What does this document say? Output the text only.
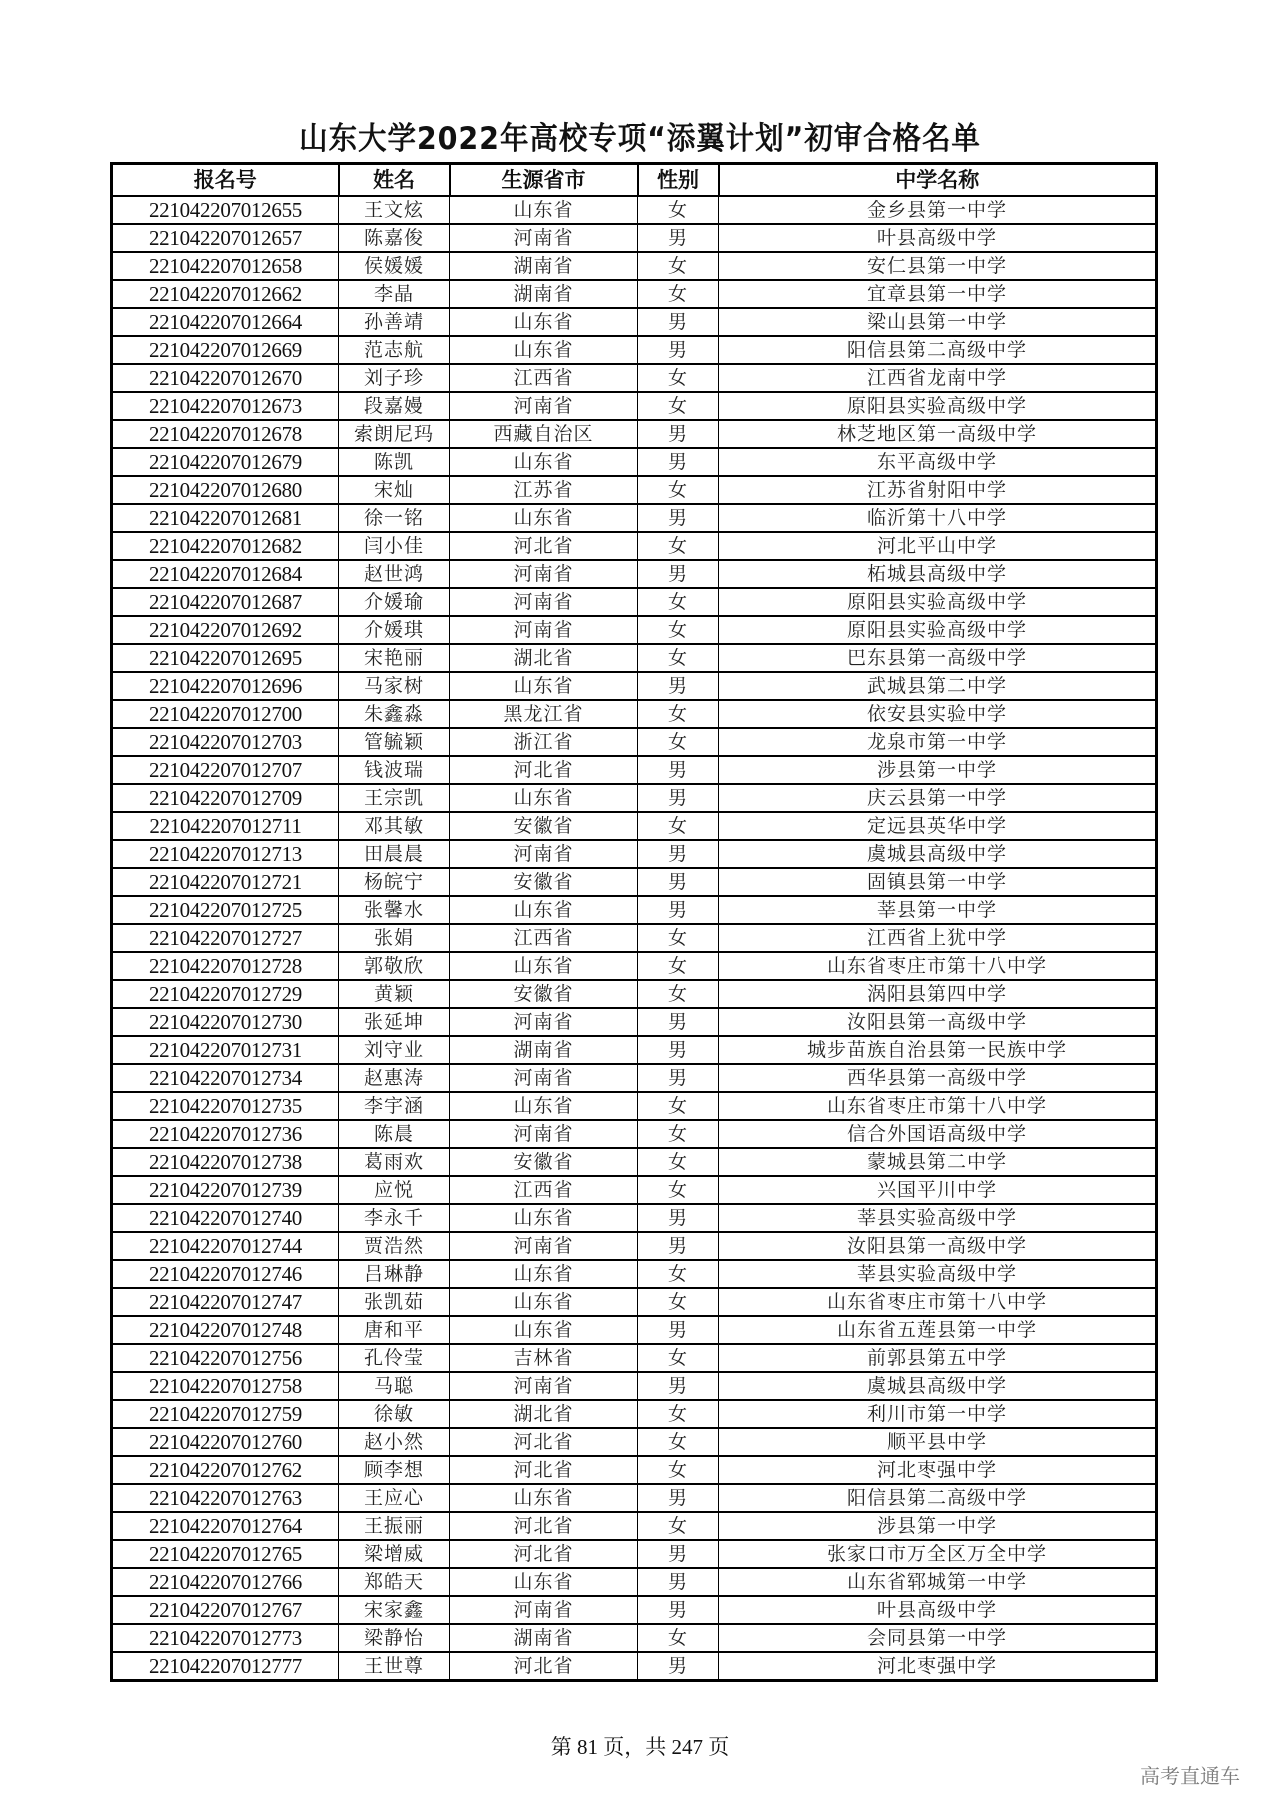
山东大学2022年高校专项“添翼计划”初审合格名单
报名号	姓名	生源省市	性别	中学名称
221042207012655	王文炫	山东省	女	金乡县第一中学
221042207012657	陈嘉俊	河南省	男	叶县高级中学
221042207012658	侯媛媛	湖南省	女	安仁县第一中学
221042207012662	李晶	湖南省	女	宜章县第一中学
221042207012664	孙善靖	山东省	男	梁山县第一中学
221042207012669	范志航	山东省	男	阳信县第二高级中学
221042207012670	刘子珍	江西省	女	江西省龙南中学
221042207012673	段嘉嫚	河南省	女	原阳县实验高级中学
221042207012678	索朗尼玛	西藏自治区	男	林芝地区第一高级中学
221042207012679	陈凯	山东省	男	东平高级中学
221042207012680	宋灿	江苏省	女	江苏省射阳中学
221042207012681	徐一铭	山东省	男	临沂第十八中学
221042207012682	闫小佳	河北省	女	河北平山中学
221042207012684	赵世鸿	河南省	男	柘城县高级中学
221042207012687	介媛瑜	河南省	女	原阳县实验高级中学
221042207012692	介媛琪	河南省	女	原阳县实验高级中学
221042207012695	宋艳丽	湖北省	女	巴东县第一高级中学
221042207012696	马家树	山东省	男	武城县第二中学
221042207012700	朱鑫淼	黑龙江省	女	依安县实验中学
221042207012703	管毓颖	浙江省	女	龙泉市第一中学
221042207012707	钱波瑞	河北省	男	涉县第一中学
221042207012709	王宗凯	山东省	男	庆云县第一中学
221042207012711	邓其敏	安徽省	女	定远县英华中学
221042207012713	田晨晨	河南省	男	虞城县高级中学
221042207012721	杨皖宁	安徽省	男	固镇县第一中学
221042207012725	张馨水	山东省	男	莘县第一中学
221042207012727	张娟	江西省	女	江西省上犹中学
221042207012728	郭敬欣	山东省	女	山东省枣庄市第十八中学
221042207012729	黄颖	安徽省	女	涡阳县第四中学
221042207012730	张延坤	河南省	男	汝阳县第一高级中学
221042207012731	刘守业	湖南省	男	城步苗族自治县第一民族中学
221042207012734	赵惠涛	河南省	男	西华县第一高级中学
221042207012735	李宇涵	山东省	女	山东省枣庄市第十八中学
221042207012736	陈晨	河南省	女	信合外国语高级中学
221042207012738	葛雨欢	安徽省	女	蒙城县第二中学
221042207012739	应悦	江西省	女	兴国平川中学
221042207012740	李永千	山东省	男	莘县实验高级中学
221042207012744	贾浩然	河南省	男	汝阳县第一高级中学
221042207012746	吕琳静	山东省	女	莘县实验高级中学
221042207012747	张凯茹	山东省	女	山东省枣庄市第十八中学
221042207012748	唐和平	山东省	男	山东省五莲县第一中学
221042207012756	孔伶莹	吉林省	女	前郭县第五中学
221042207012758	马聪	河南省	男	虞城县高级中学
221042207012759	徐敏	湖北省	女	利川市第一中学
221042207012760	赵小然	河北省	女	顺平县中学
221042207012762	顾李想	河北省	女	河北枣强中学
221042207012763	王应心	山东省	男	阳信县第二高级中学
221042207012764	王振丽	河北省	女	涉县第一中学
221042207012765	梁增威	河北省	男	张家口市万全区万全中学
221042207012766	郑皓天	山东省	男	山东省郓城第一中学
221042207012767	宋家鑫	河南省	男	叶县高级中学
221042207012773	梁静怡	湖南省	女	会同县第一中学
221042207012777	王世尊	河北省	男	河北枣强中学
第 81 页，共 247 页
高考直通车
